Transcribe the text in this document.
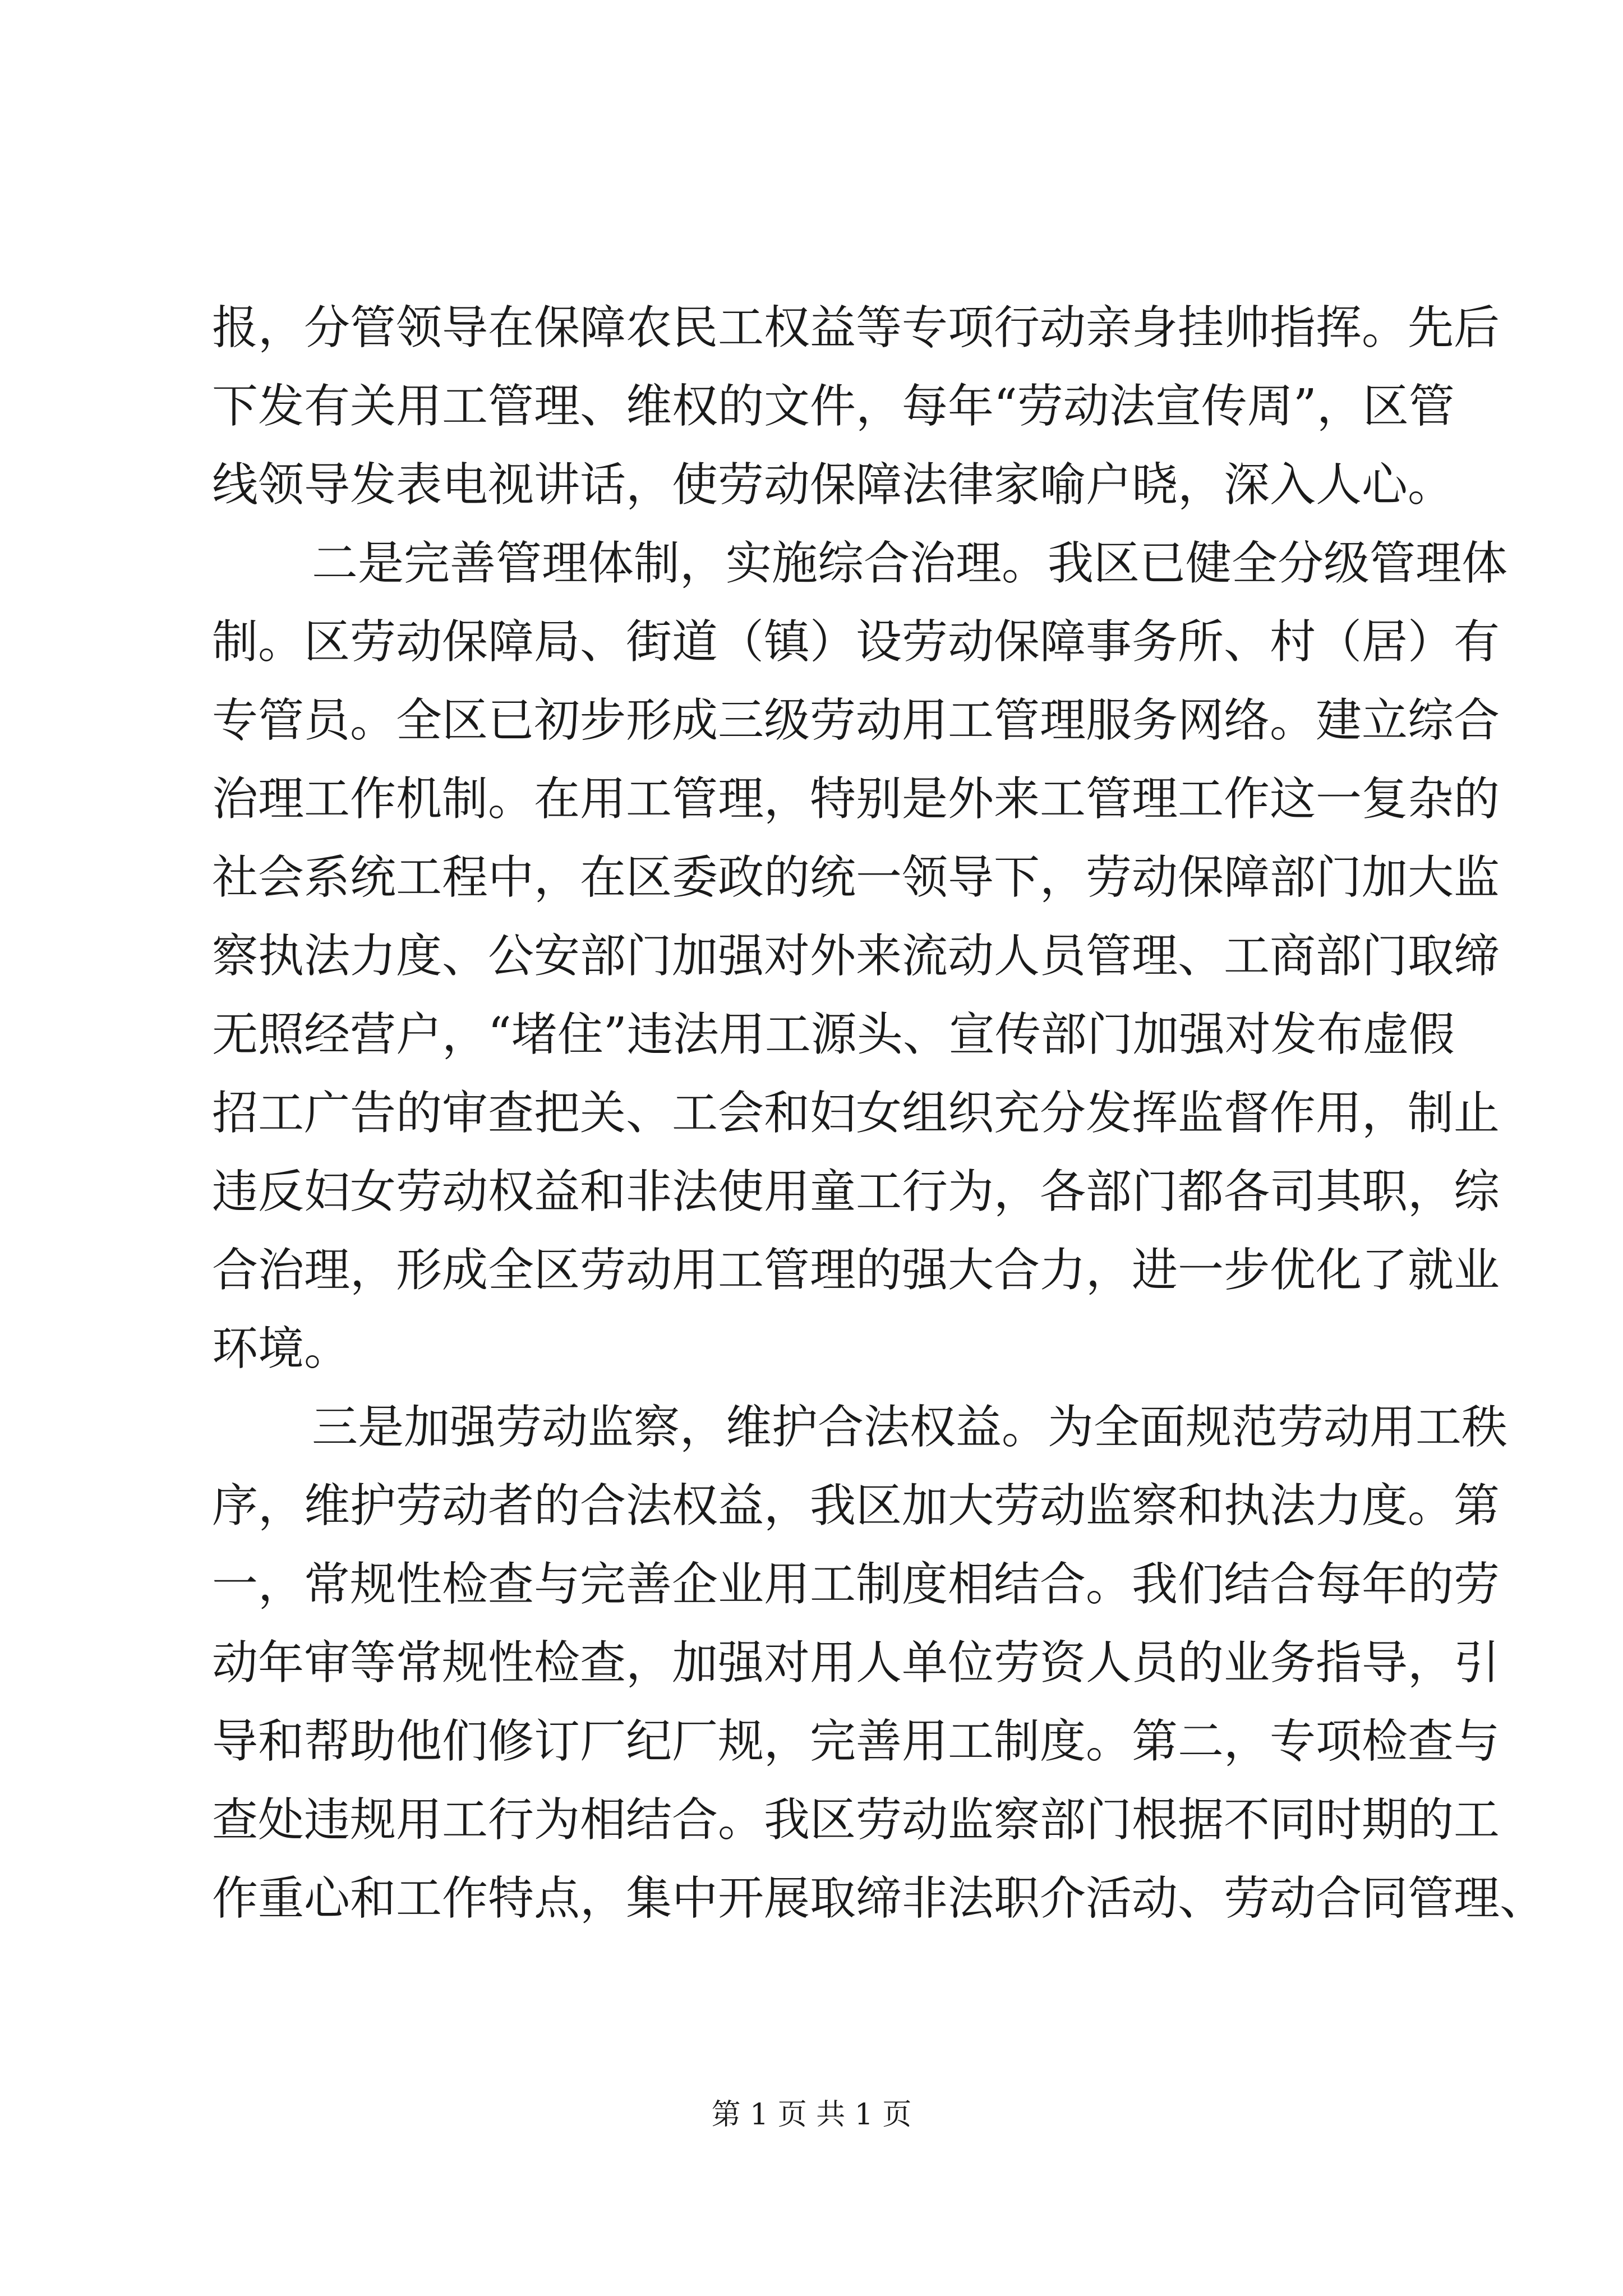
报，分管领导在保障农民工权益等专项行动亲身挂帅指挥。先后
下发有关用工管理、维权的文件，每年“劳动法宣传周”，区管
线领导发表电视讲话，使劳动保障法律家喻户晓，深入人心。
二是完善管理体制，实施综合治理。我区已健全分级管理体
制。区劳动保障局、街道（镇）设劳动保障事务所、村（居）有
专管员。全区已初步形成三级劳动用工管理服务网络。建立综合
治理工作机制。在用工管理，特别是外来工管理工作这一复杂的
社会系统工程中，在区委政的统一领导下，劳动保障部门加大监
察执法力度、公安部门加强对外来流动人员管理、工商部门取缔
无照经营户，“堵住”违法用工源头、宣传部门加强对发布虚假
招工广告的审查把关、工会和妇女组织充分发挥监督作用，制止
违反妇女劳动权益和非法使用童工行为，各部门都各司其职，综
合治理，形成全区劳动用工管理的强大合力，进一步优化了就业
环境。
三是加强劳动监察，维护合法权益。为全面规范劳动用工秩
序，维护劳动者的合法权益，我区加大劳动监察和执法力度。第
一，常规性检查与完善企业用工制度相结合。我们结合每年的劳
动年审等常规性检查，加强对用人单位劳资人员的业务指导，引
导和帮助他们修订厂纪厂规，完善用工制度。第二，专项检查与
查处违规用工行为相结合。我区劳动监察部门根据不同时期的工
作重心和工作特点，集中开展取缔非法职介活动、劳动合同管理、
第 1 页 共 1 页
